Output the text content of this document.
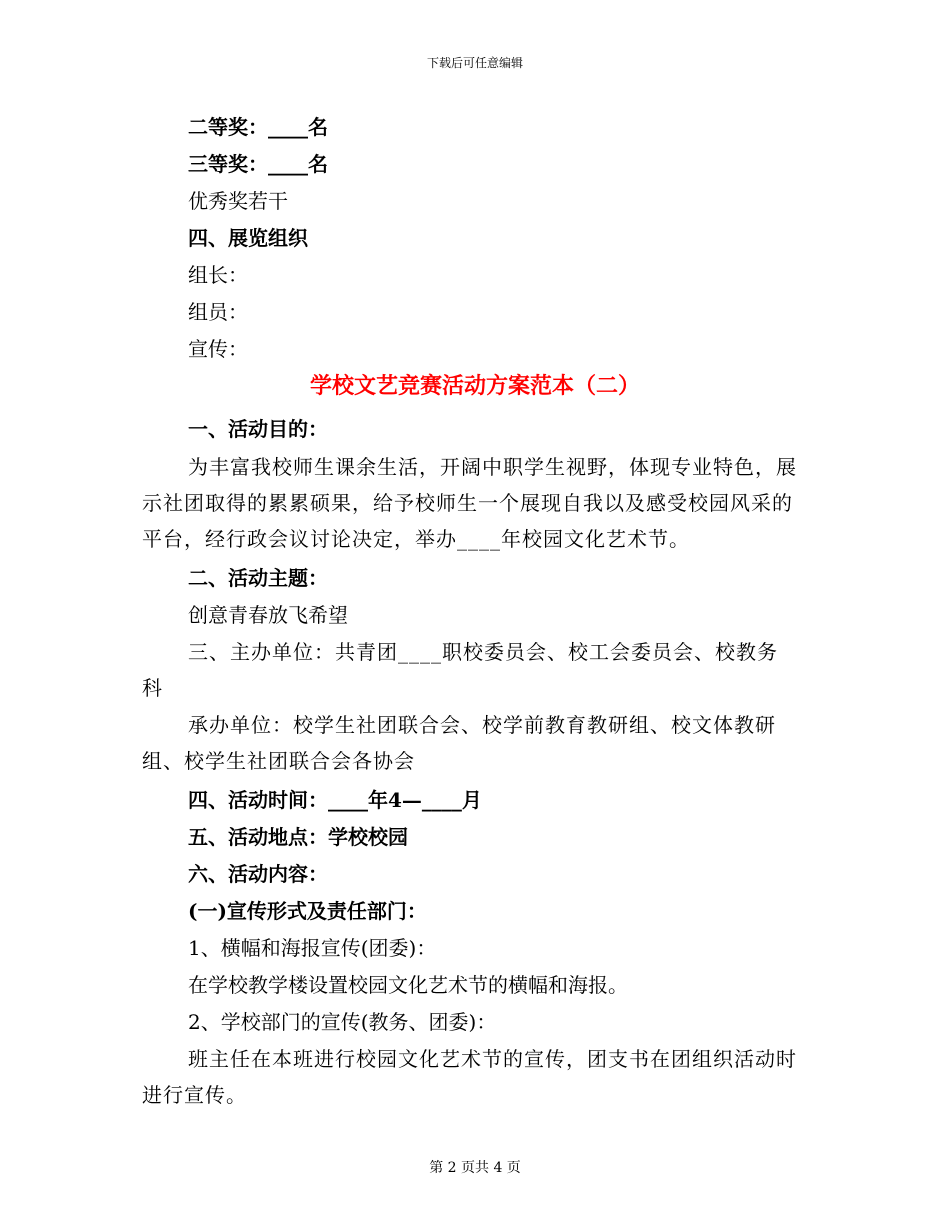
下载后可任意编辑
二等奖：____名
三等奖：____名
优秀奖若干
四、展览组织
组长：
组员：
宣传：
学校文艺竞赛活动方案范本（二）
一、活动目的：
为丰富我校师生课余生活，开阔中职学生视野，体现专业特色，展示社团取得的累累硕果，给予校师生一个展现自我以及感受校园风采的平台，经行政会议讨论决定，举办____年校园文化艺术节。
二、活动主题：
创意青春放飞希望
三、主办单位：共青团____职校委员会、校工会委员会、校教务科
承办单位：校学生社团联合会、校学前教育教研组、校文体教研组、校学生社团联合会各协会
四、活动时间：____年4—____月
五、活动地点：学校校园
六、活动内容：
(一)宣传形式及责任部门：
1、横幅和海报宣传(团委)：
在学校教学楼设置校园文化艺术节的横幅和海报。
2、学校部门的宣传(教务、团委)：
班主任在本班进行校园文化艺术节的宣传，团支书在团组织活动时进行宣传。
第 2 页共 4 页
